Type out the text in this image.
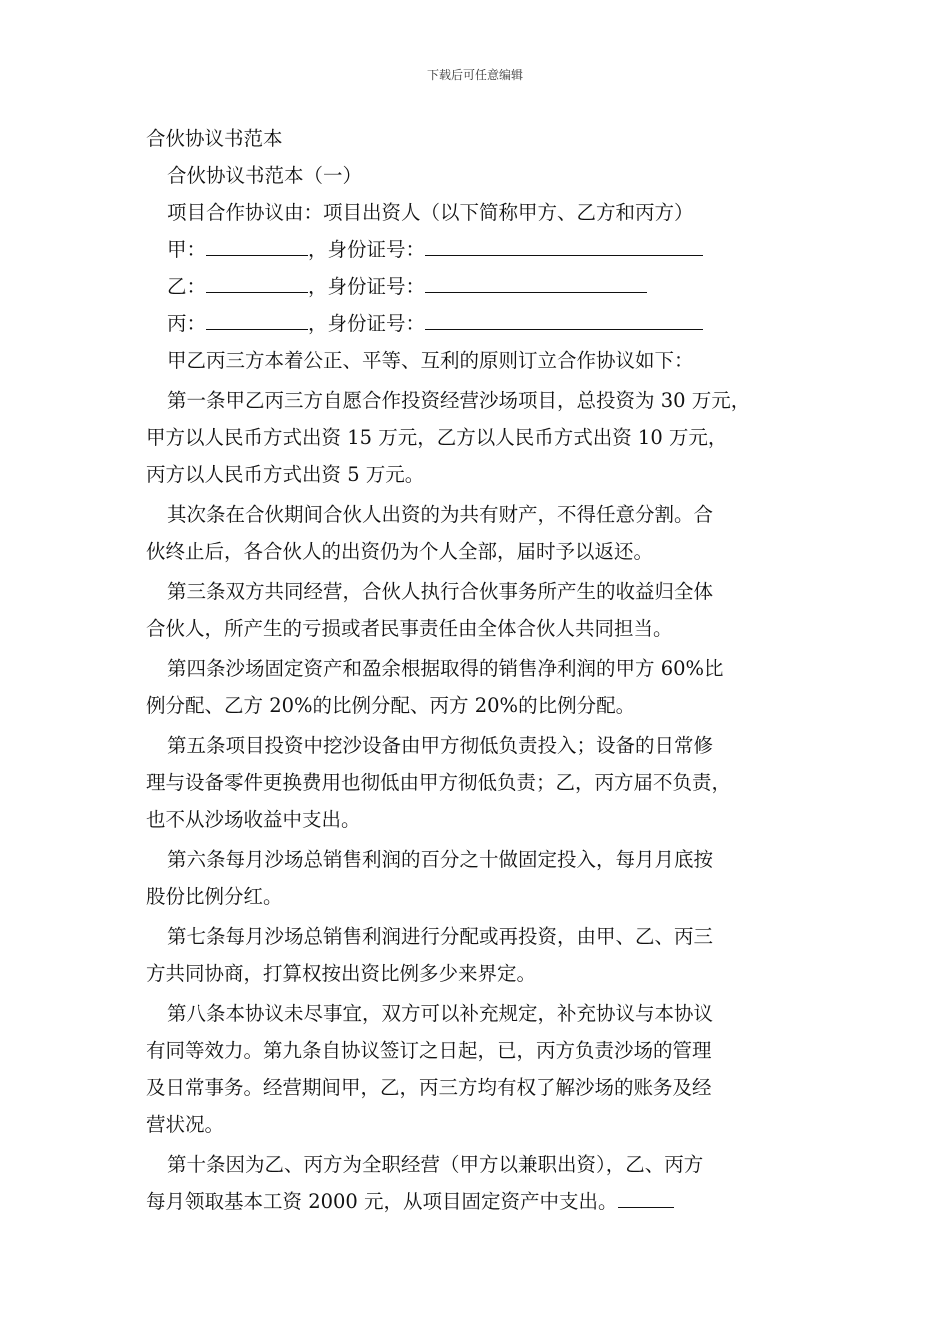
下载后可任意编辑
合伙协议书范本
合伙协议书范本（一）
项目合作协议由：项目出资人（以下简称甲方、乙方和丙方）
甲：	，身份证号：
乙：	，身份证号：
丙：	，身份证号：
甲乙丙三方本着公正、平等、互利的原则订立合作协议如下：
第一条甲乙丙三方自愿合作投资经营沙场项目，总投资为 30 万元，
甲方以人民币方式出资 15 万元，乙方以人民币方式出资 10 万元，
丙方以人民币方式出资 5 万元。
其次条在合伙期间合伙人出资的为共有财产，不得任意分割。合
伙终止后，各合伙人的出资仍为个人全部，届时予以返还。
第三条双方共同经营，合伙人执行合伙事务所产生的收益归全体
合伙人，所产生的亏损或者民事责任由全体合伙人共同担当。
第四条沙场固定资产和盈余根据取得的销售净利润的甲方 60%比
例分配、乙方 20%的比例分配、丙方 20%的比例分配。
第五条项目投资中挖沙设备由甲方彻低负责投入；设备的日常修
理与设备零件更换费用也彻低由甲方彻低负责；乙，丙方届不负责，
也不从沙场收益中支出。
第六条每月沙场总销售利润的百分之十做固定投入，每月月底按
股份比例分红。
第七条每月沙场总销售利润进行分配或再投资，由甲、乙、丙三
方共同协商，打算权按出资比例多少来界定。
第八条本协议未尽事宜，双方可以补充规定，补充协议与本协议
有同等效力。第九条自协议签订之日起，已，丙方负责沙场的管理
及日常事务。经营期间甲，乙，丙三方均有权了解沙场的账务及经
营状况。
第十条因为乙、丙方为全职经营（甲方以兼职出资），乙、丙方
每月领取基本工资 2000 元，从项目固定资产中支出。
